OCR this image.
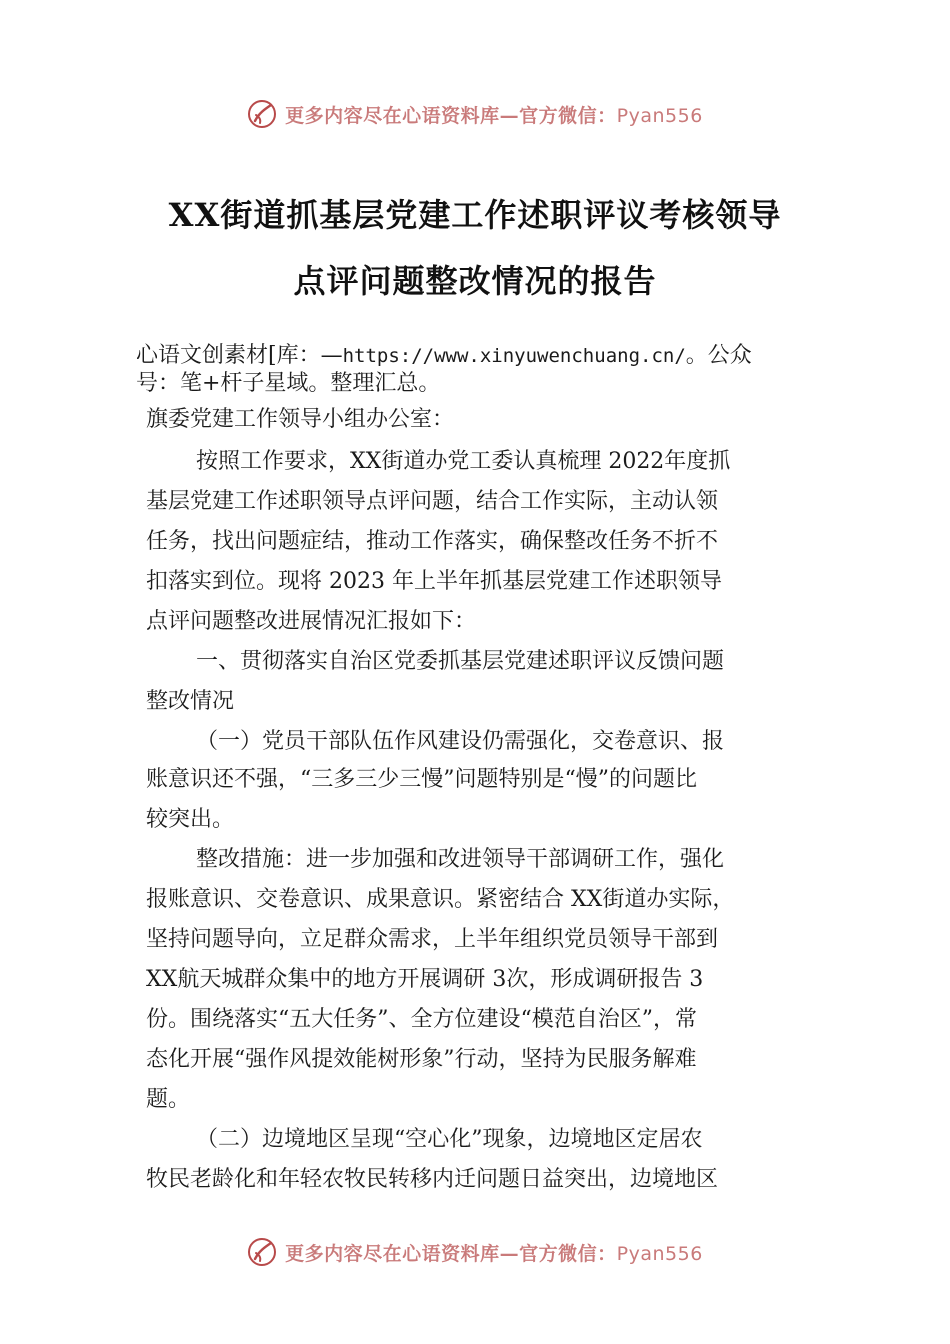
更多内容尽在心语资料库—官方微信：Pyan556
XX街道抓基层党建工作述职评议考核领导
点评问题整改情况的报告
心语文创素材[库：—https://www.xinyuwenchuang.cn/。公众
号：笔+杆子星域。整理汇总。
旗委党建工作领导小组办公室：
按照工作要求，XX街道办党工委认真梳理 2022年度抓
基层党建工作述职领导点评问题，结合工作实际，主动认领
任务，找出问题症结，推动工作落实，确保整改任务不折不
扣落实到位。现将 2023 年上半年抓基层党建工作述职领导
点评问题整改进展情况汇报如下：
一、贯彻落实自治区党委抓基层党建述职评议反馈问题
整改情况
（一）党员干部队伍作风建设仍需强化，交卷意识、报
账意识还不强，“三多三少三慢”问题特别是“慢”的问题比
较突出。
整改措施：进一步加强和改进领导干部调研工作，强化
报账意识、交卷意识、成果意识。紧密结合 XX街道办实际，
坚持问题导向，立足群众需求，上半年组织党员领导干部到
XX航天城群众集中的地方开展调研 3次，形成调研报告 3
份。围绕落实“五大任务”、全方位建设“模范自治区”，常
态化开展“强作风提效能树形象”行动，坚持为民服务解难
题。
（二）边境地区呈现“空心化”现象，边境地区定居农
牧民老龄化和年轻农牧民转移内迁问题日益突出，边境地区
更多内容尽在心语资料库—官方微信：Pyan556
